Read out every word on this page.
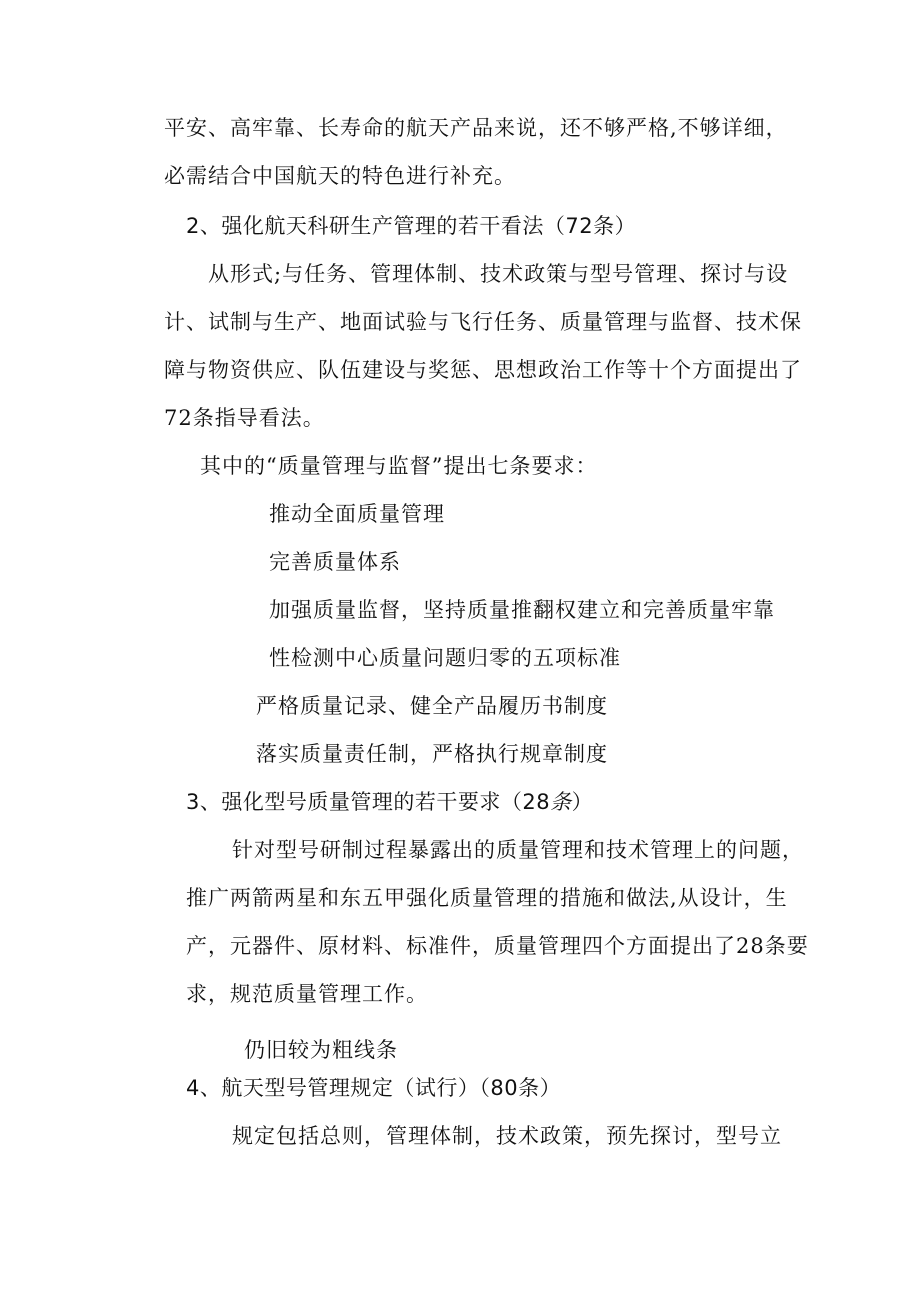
平安、高牢靠、长寿命的航天产品来说，还不够严格,不够详细，

必需结合中国航天的特色进行补充。

2、强化航天科研生产管理的若干看法（72条）

从形式;与任务、管理体制、技术政策与型号管理、探讨与设

计、试制与生产、地面试验与飞行任务、质量管理与监督、技术保

障与物资供应、队伍建设与奖惩、思想政治工作等十个方面提出了

72条指导看法。

其中的“质量管理与监督”提出七条要求：

推动全面质量管理

完善质量体系

加强质量监督，坚持质量推翻权建立和完善质量牢靠

性检测中心质量问题归零的五项标准

严格质量记录、健全产品履历书制度

落实质量责任制，严格执行规章制度

3、强化型号质量管理的若干要求（28条）

针对型号研制过程暴露出的质量管理和技术管理上的问题，

推广两箭两星和东五甲强化质量管理的措施和做法,从设计，生

产，元器件、原材料、标准件，质量管理四个方面提出了28条要

求，规范质量管理工作。

仍旧较为粗线条

4、航天型号管理规定（试行）（80条）

规定包括总则，管理体制，技术政策，预先探讨，型号立
